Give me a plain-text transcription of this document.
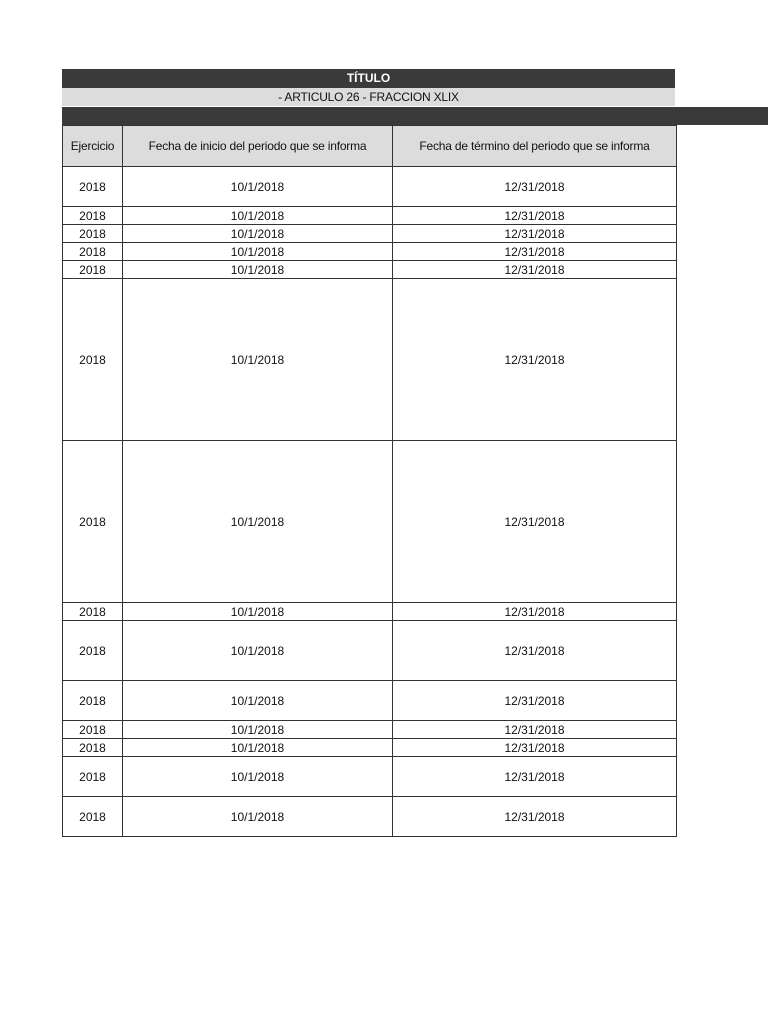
TÍTULO
- ARTICULO 26 - FRACCION XLIX
Ejercicio	Fecha de inicio del periodo que se informa	Fecha de término del periodo que se informa
2018	10/1/2018	12/31/2018
2018	10/1/2018	12/31/2018
2018	10/1/2018	12/31/2018
2018	10/1/2018	12/31/2018
2018	10/1/2018	12/31/2018
2018	10/1/2018	12/31/2018
2018	10/1/2018	12/31/2018
2018	10/1/2018	12/31/2018
2018	10/1/2018	12/31/2018
2018	10/1/2018	12/31/2018
2018	10/1/2018	12/31/2018
2018	10/1/2018	12/31/2018
2018	10/1/2018	12/31/2018
2018	10/1/2018	12/31/2018
